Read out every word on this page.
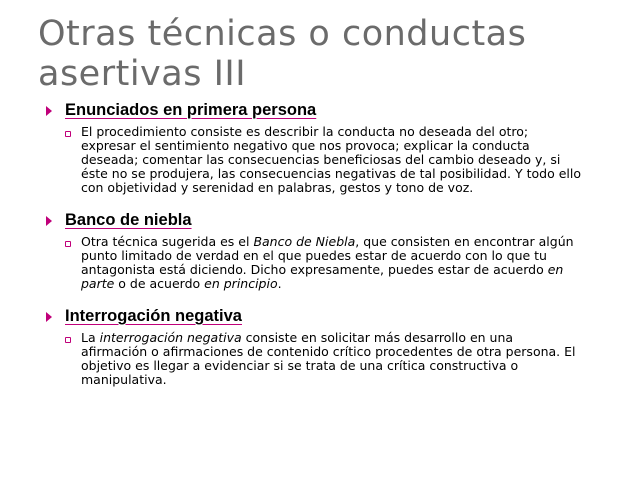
Otras técnicas o conductas
asertivas III
Enunciados en primera persona
El procedimiento consiste es describir la conducta no deseada del otro; expresar el sentimiento negativo que nos provoca; explicar la conducta deseada; comentar las consecuencias beneficiosas del cambio deseado y, si éste no se produjera, las consecuencias negativas de tal posibilidad. Y todo ello con objetividad y serenidad en palabras, gestos y tono de voz.
Banco de niebla
Otra técnica sugerida es el Banco de Niebla, que consisten en encontrar algún punto limitado de verdad en el que puedes estar de acuerdo con lo que tu antagonista está diciendo. Dicho expresamente, puedes estar de acuerdo en parte o de acuerdo en principio.
Interrogación negativa
La interrogación negativa consiste en solicitar más desarrollo en una afirmación o afirmaciones de contenido crítico procedentes de otra persona. El objetivo es llegar a evidenciar si se trata de una crítica constructiva o manipulativa.
